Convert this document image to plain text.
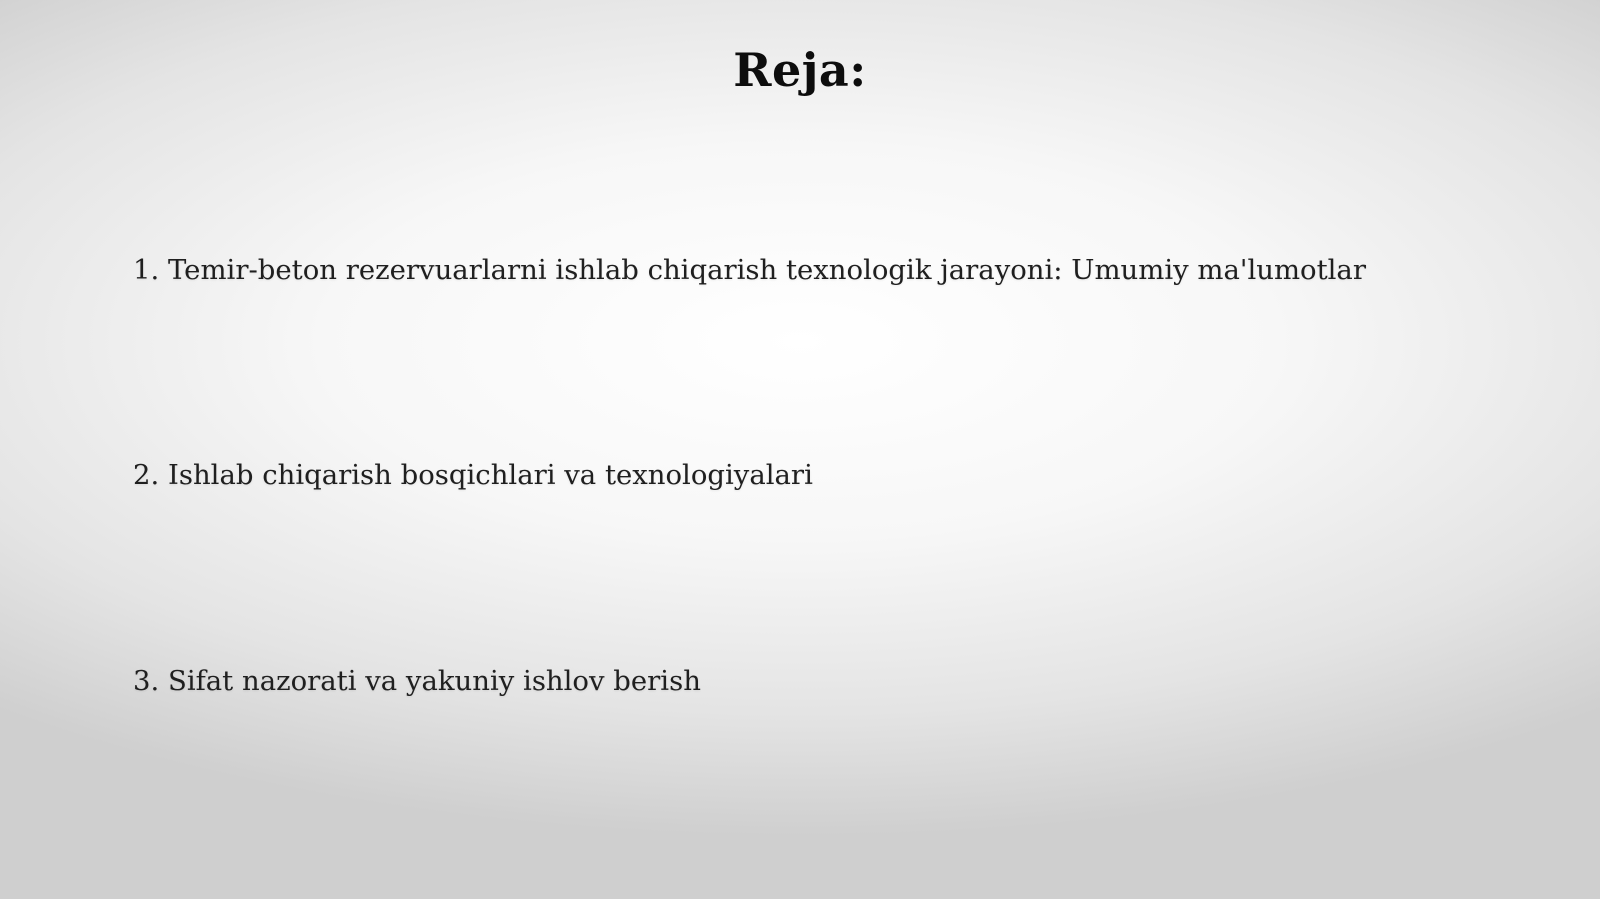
Reja:
1. Temir-beton rezervuarlarni ishlab chiqarish texnologik jarayoni: Umumiy ma'lumotlar
2. Ishlab chiqarish bosqichlari va texnologiyalari
3. Sifat nazorati va yakuniy ishlov berish
